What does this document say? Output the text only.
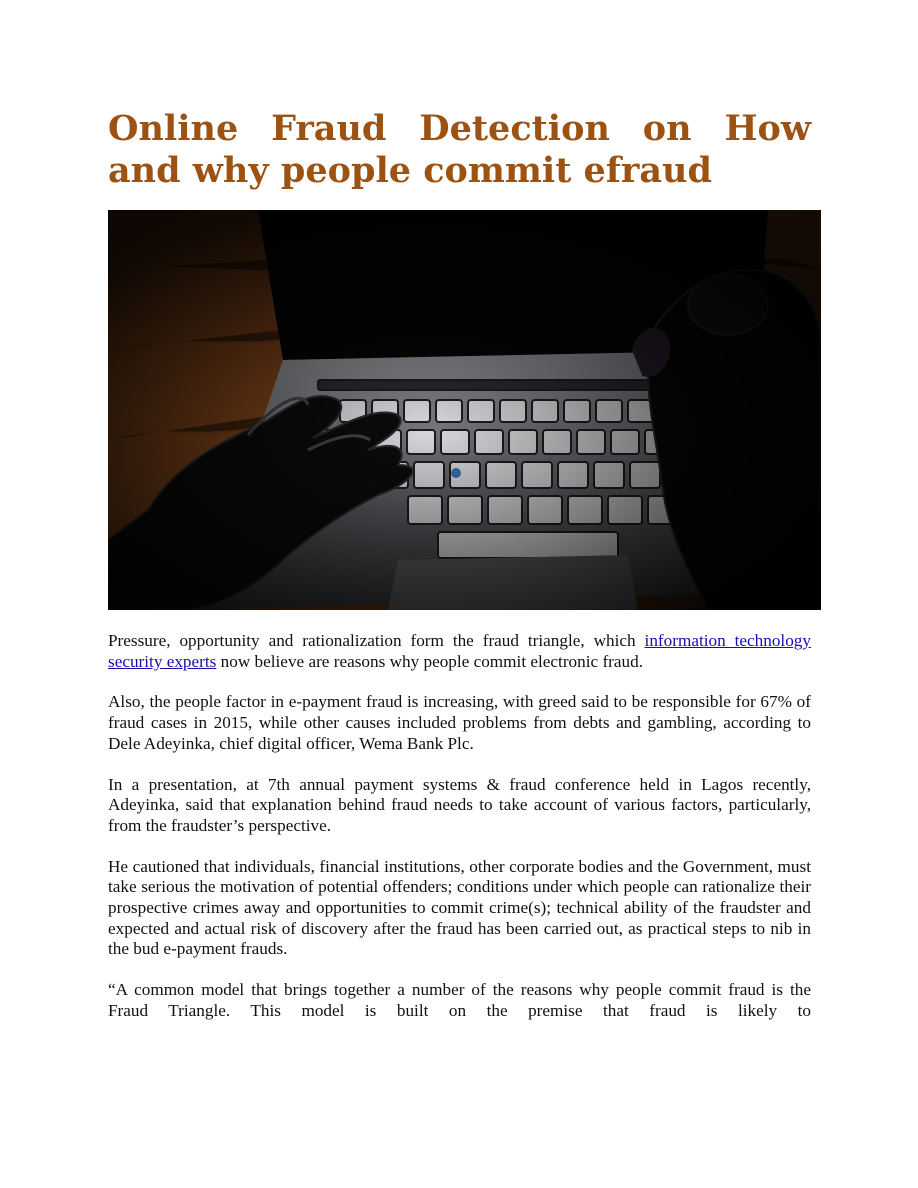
Online Fraud Detection on How and why people commit efraud

Pressure, opportunity and rationalization form the fraud triangle, which information technology security experts now believe are reasons why people commit electronic fraud.

Also, the people factor in e-payment fraud is increasing, with greed said to be responsible for 67% of fraud cases in 2015, while other causes included problems from debts and gambling, according to Dele Adeyinka, chief digital officer, Wema Bank Plc.

In a presentation, at 7th annual payment systems & fraud conference held in Lagos recently, Adeyinka, said that explanation behind fraud needs to take account of various factors, particularly, from the fraudster’s perspective.

He cautioned that individuals, financial institutions, other corporate bodies and the Government, must take serious the motivation of potential offenders; conditions under which people can rationalize their prospective crimes away and opportunities to commit crime(s); technical ability of the fraudster and expected and actual risk of discovery after the fraud has been carried out, as practical steps to nib in the bud e-payment frauds.

“A common model that brings together a number of the reasons why people commit fraud is the Fraud Triangle. This model is built on the premise that fraud is likely to
